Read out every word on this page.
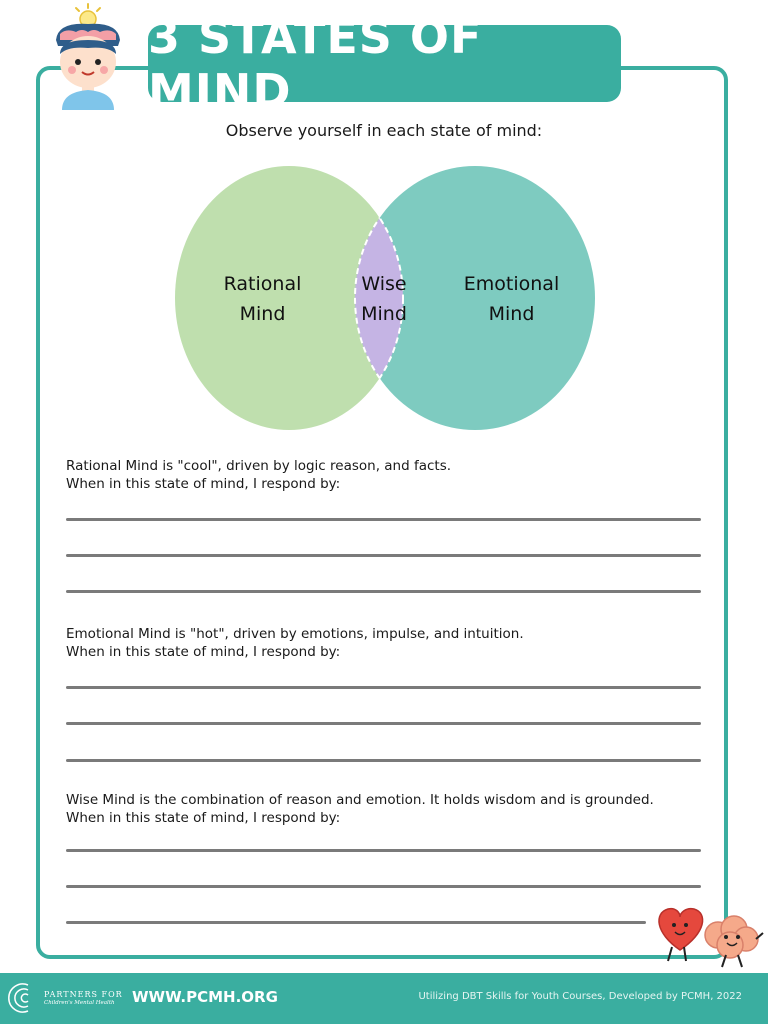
3 STATES OF MIND
Observe yourself in each state of mind:
Rational
Mind
Wise
Mind
Emotional
Mind
Rational Mind is "cool", driven by logic reason, and facts.
When in this state of mind, I respond by:
Emotional Mind is "hot", driven by emotions, impulse, and intuition.
When in this state of mind, I respond by:
Wise Mind is the combination of reason and emotion. It holds wisdom and is grounded.
When in this state of mind, I respond by:
PARTNERS FOR
Children's Mental Health	WWW.PCMH.ORG	Utilizing DBT Skills for Youth Courses, Developed by PCMH, 2022
